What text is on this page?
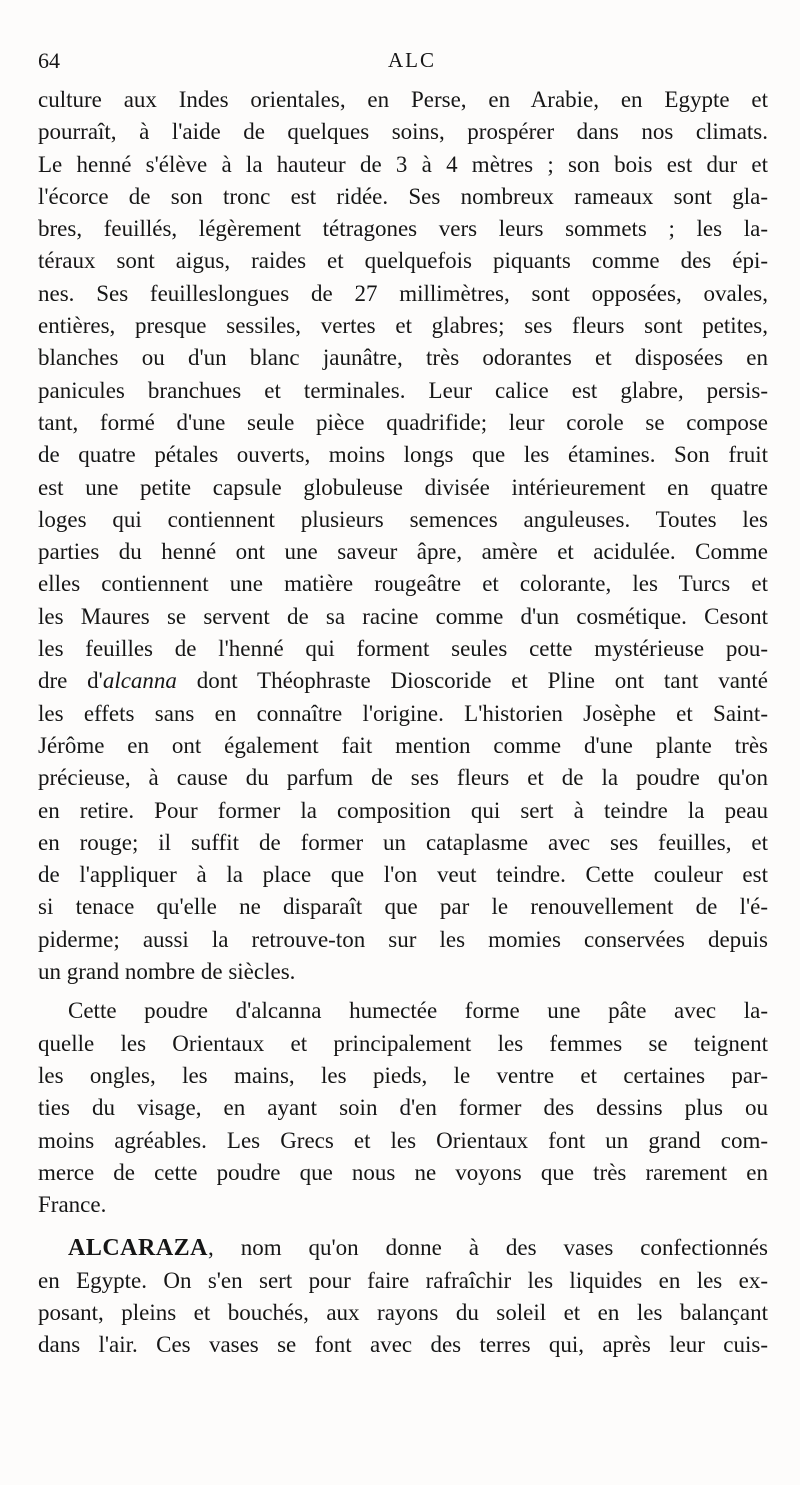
64	ALC
culture aux Indes orientales, en Perse, en Arabie, en Egypte et
pourraît, à l'aide de quelques soins, prospérer dans nos climats.
Le henné s'élève à la hauteur de 3 à 4 mètres ; son bois est dur et
l'écorce de son tronc est ridée. Ses nombreux rameaux sont gla-
bres, feuillés, légèrement tétragones vers leurs sommets ; les la-
téraux sont aigus, raides et quelquefois piquants comme des épi-
nes. Ses feuilleslongues de 27 millimètres, sont opposées, ovales,
entières, presque sessiles, vertes et glabres; ses fleurs sont petites,
blanches ou d'un blanc jaunâtre, très odorantes et disposées en
panicules branchues et terminales. Leur calice est glabre, persis-
tant, formé d'une seule pièce quadrifide; leur corole se compose
de quatre pétales ouverts, moins longs que les étamines. Son fruit
est une petite capsule globuleuse divisée intérieurement en quatre
loges qui contiennent plusieurs semences anguleuses. Toutes les
parties du henné ont une saveur âpre, amère et acidulée. Comme
elles contiennent une matière rougeâtre et colorante, les Turcs et
les Maures se servent de sa racine comme d'un cosmétique. Cesont
les feuilles de l'henné qui forment seules cette mystérieuse pou-
dre d'alcanna dont Théophraste Dioscoride et Pline ont tant vanté
les effets sans en connaître l'origine. L'historien Josèphe et Saint-
Jérôme en ont également fait mention comme d'une plante très
précieuse, à cause du parfum de ses fleurs et de la poudre qu'on
en retire. Pour former la composition qui sert à teindre la peau
en rouge; il suffit de former un cataplasme avec ses feuilles, et
de l'appliquer à la place que l'on veut teindre. Cette couleur est
si tenace qu'elle ne disparaît que par le renouvellement de l'é-
piderme; aussi la retrouve-ton sur les momies conservées depuis
un grand nombre de siècles.
Cette poudre d'alcanna humectée forme une pâte avec la-
quelle les Orientaux et principalement les femmes se teignent
les ongles, les mains, les pieds, le ventre et certaines par-
ties du visage, en ayant soin d'en former des dessins plus ou
moins agréables. Les Grecs et les Orientaux font un grand com-
merce de cette poudre que nous ne voyons que très rarement en
France.
ALCARAZA, nom qu'on donne à des vases confectionnés
en Egypte. On s'en sert pour faire rafraîchir les liquides en les ex-
posant, pleins et bouchés, aux rayons du soleil et en les balançant
dans l'air. Ces vases se font avec des terres qui, après leur cuis-
